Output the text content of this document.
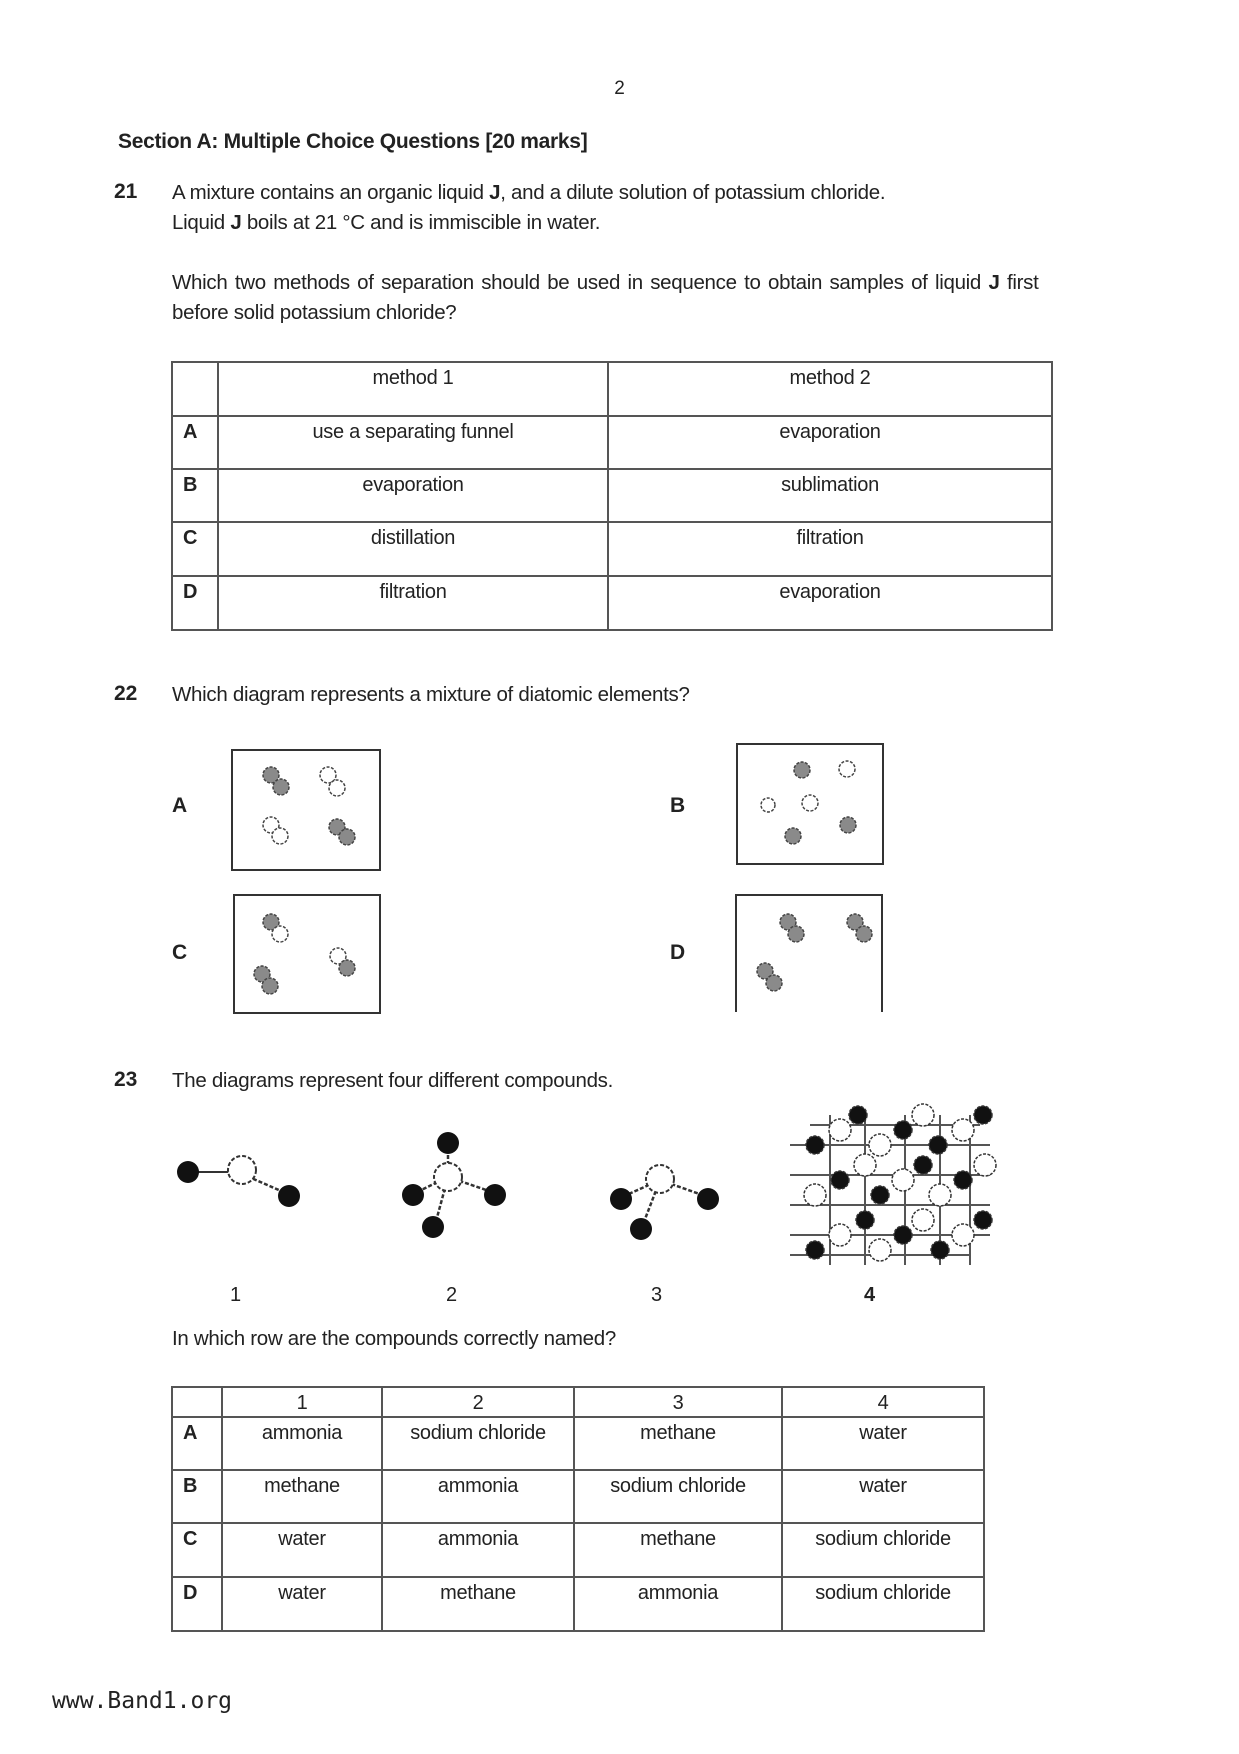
2
Section A: Multiple Choice Questions [20 marks]
21 A mixture contains an organic liquid J, and a dilute solution of potassium chloride.
Liquid J boils at 21 °C and is immiscible in water.
Which two methods of separation should be used in sequence to obtain samples of liquid J first
before solid potassium chloride?
	method 1	method 2
A	use a separating funnel	evaporation
B	evaporation	sublimation
C	distillation	filtration
D	filtration	evaporation
22 Which diagram represents a mixture of diatomic elements?
A	B
C	D
23 The diagrams represent four different compounds.
1	2	3	4
In which row are the compounds correctly named?
	1	2	3	4
A	ammonia	sodium chloride	methane	water
B	methane	ammonia	sodium chloride	water
C	water	ammonia	methane	sodium chloride
D	water	methane	ammonia	sodium chloride
www.Band1.org
